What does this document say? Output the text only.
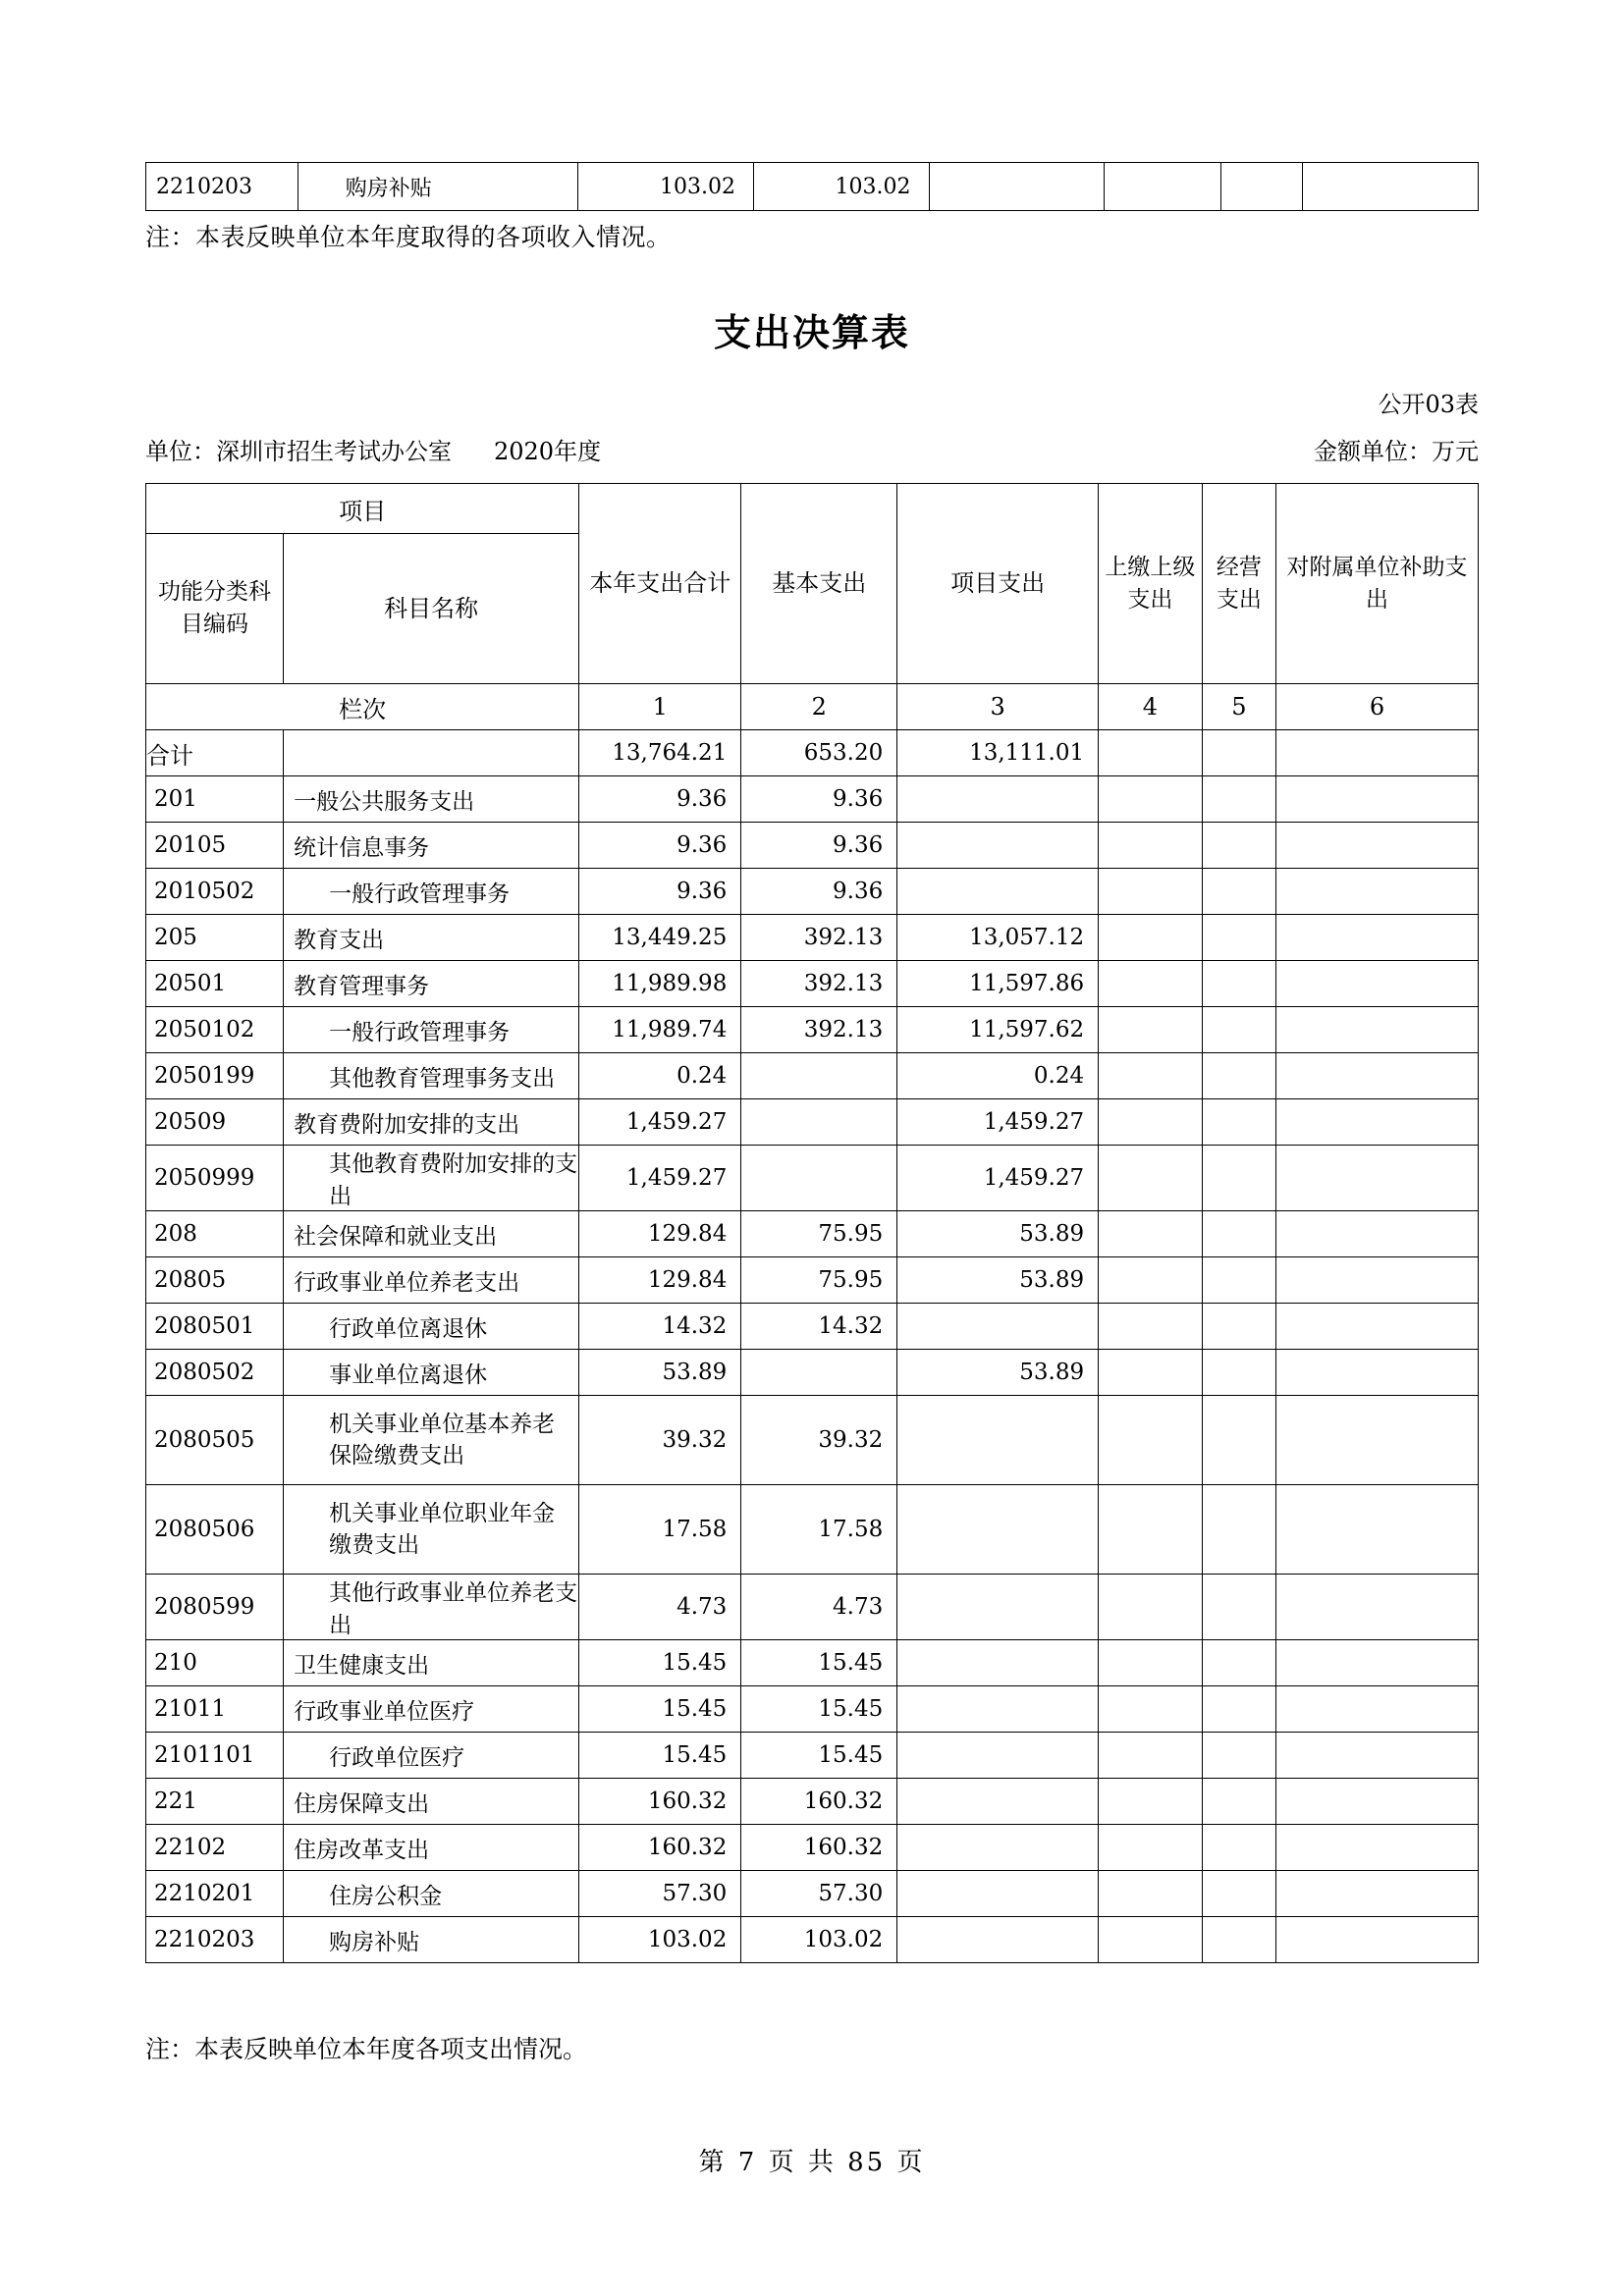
2210203	购房补贴	103.02	103.02				
注：本表反映单位本年度取得的各项收入情况。
支出决算表
公开03表
单位：深圳市招生考试办公室 2020年度	金额单位：万元
项目		本年支出合计	基本支出	项目支出	上缴上级支出	经营支出	对附属单位补助支出
功能分类科目编码	科目名称						
栏次		1	2	3	4	5	6
合计		13,764.21	653.20	13,111.01			
201	一般公共服务支出	9.36	9.36				
20105	统计信息事务	9.36	9.36				
2010502	一般行政管理事务	9.36	9.36				
205	教育支出	13,449.25	392.13	13,057.12			
20501	教育管理事务	11,989.98	392.13	11,597.86			
2050102	一般行政管理事务	11,989.74	392.13	11,597.62			
2050199	其他教育管理事务支出	0.24		0.24			
20509	教育费附加安排的支出	1,459.27		1,459.27			
2050999	其他教育费附加安排的支出	1,459.27		1,459.27			
208	社会保障和就业支出	129.84	75.95	53.89			
20805	行政事业单位养老支出	129.84	75.95	53.89			
2080501	行政单位离退休	14.32	14.32				
2080502	事业单位离退休	53.89		53.89			
2080505	机关事业单位基本养老保险缴费支出	39.32	39.32				
2080506	机关事业单位职业年金缴费支出	17.58	17.58				
2080599	其他行政事业单位养老支出	4.73	4.73				
210	卫生健康支出	15.45	15.45				
21011	行政事业单位医疗	15.45	15.45				
2101101	行政单位医疗	15.45	15.45				
221	住房保障支出	160.32	160.32				
22102	住房改革支出	160.32	160.32				
2210201	住房公积金	57.30	57.30				
2210203	购房补贴	103.02	103.02				
注：本表反映单位本年度各项支出情况。
第 7 页 共 85 页
